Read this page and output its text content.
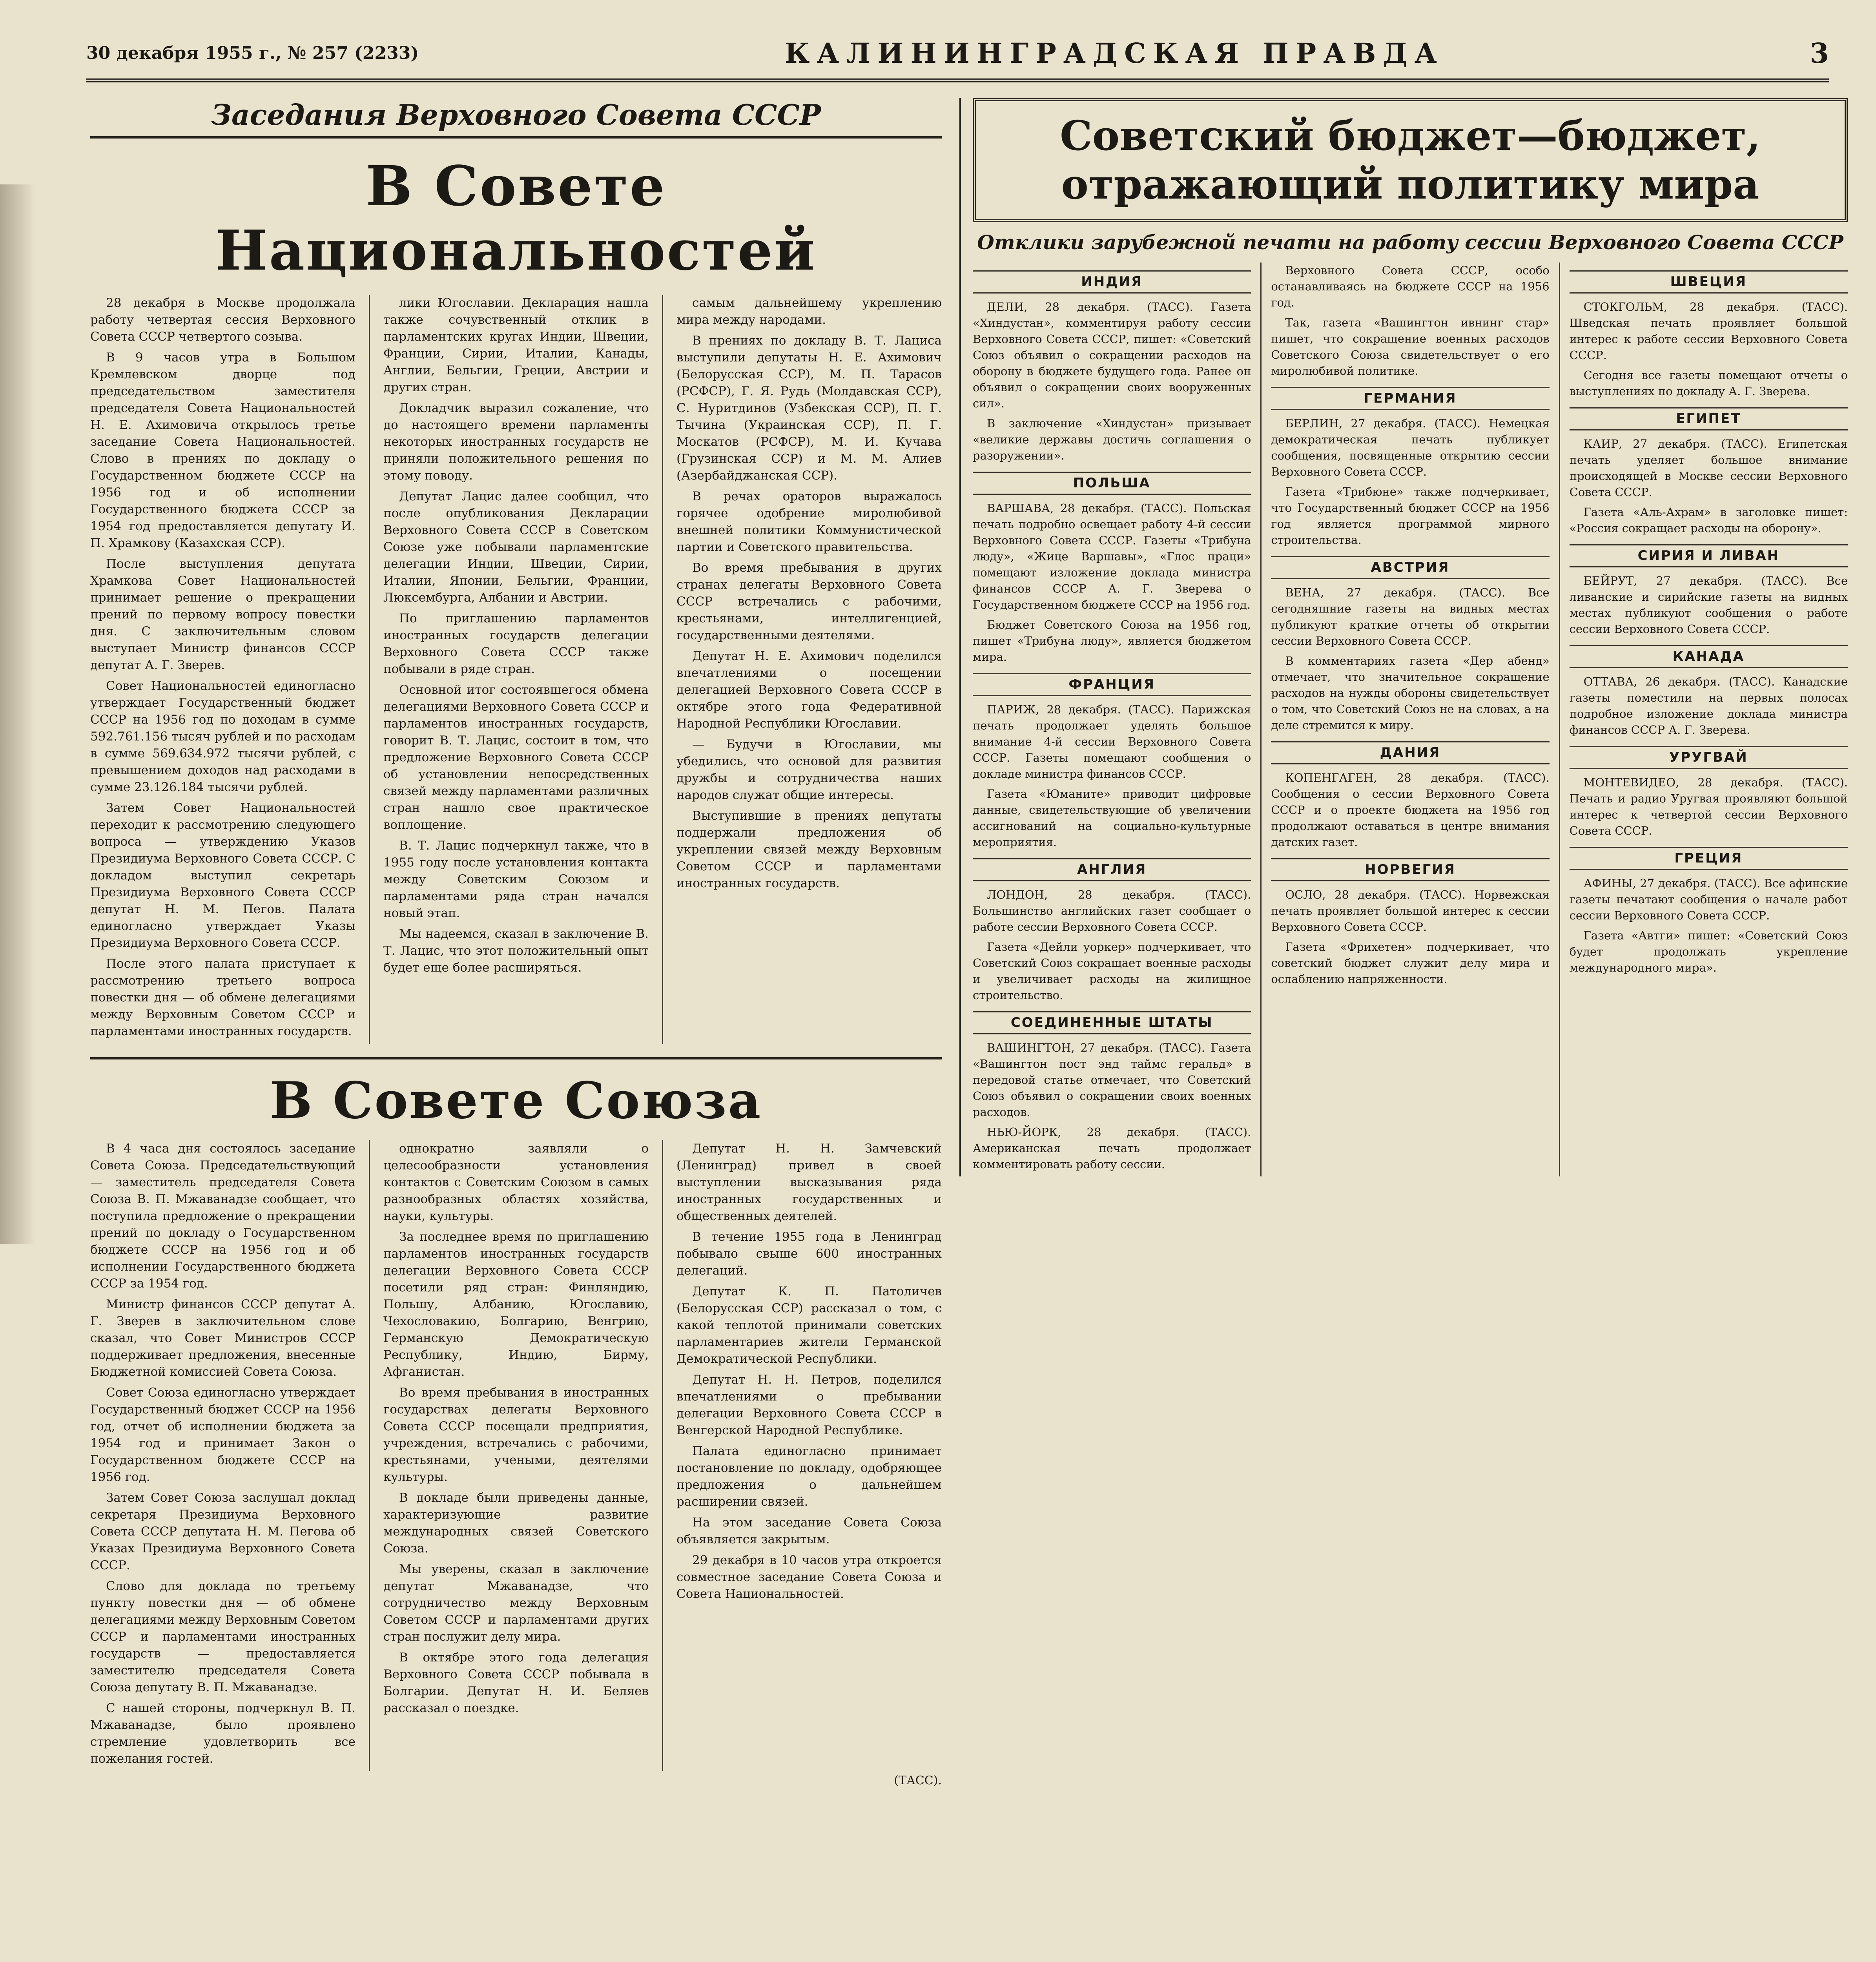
30 декабря 1955 г., № 257 (2233)	КАЛИНИНГРАДСКАЯ ПРАВДА	3
Заседания Верховного Совета СССР
В Совете Национальностей

28 декабря в Москве продолжала работу четвертая сессия Верховного Совета СССР четвертого созыва.

В 9 часов утра в Большом Кремлевском дворце под председательством заместителя председателя Совета Национальностей Н. Е. Ахимовича открылось третье заседание Совета Национальностей. Слово в прениях по докладу о Государственном бюджете СССР на 1956 год и об исполнении Государственного бюджета СССР за 1954 год предоставляется депутату И. П. Храмкову (Казахская ССР).

После выступления депутата Храмкова Совет Национальностей принимает решение о прекращении прений по первому вопросу повестки дня. С заключительным словом выступает Министр финансов СССР депутат А. Г. Зверев.

Совет Национальностей единогласно утверждает Государственный бюджет СССР на 1956 год по доходам в сумме 592.761.156 тысяч рублей и по расходам в сумме 569.634.972 тысячи рублей, с превышением доходов над расходами в сумме 23.126.184 тысячи рублей.

Затем Совет Национальностей переходит к рассмотрению следующего вопроса — утверждению Указов Президиума Верховного Совета СССР. С докладом выступил секретарь Президиума Верховного Совета СССР депутат Н. М. Пегов. Палата единогласно утверждает Указы Президиума Верховного Совета СССР.

После этого палата приступает к рассмотрению третьего вопроса повестки дня — об обмене делегациями между Верховным Советом СССР и парламентами иностранных государств.

лики Югославии. Декларация нашла также сочувственный отклик в парламентских кругах Индии, Швеции, Франции, Сирии, Италии, Канады, Англии, Бельгии, Греции, Австрии и других стран.

Докладчик выразил сожаление, что до настоящего времени парламенты некоторых иностранных государств не приняли положительного решения по этому поводу.

Депутат Лацис далее сообщил, что после опубликования Декларации Верховного Совета СССР в Советском Союзе уже побывали парламентские делегации Индии, Швеции, Сирии, Италии, Японии, Бельгии, Франции, Люксембурга, Албании и Австрии.

По приглашению парламентов иностранных государств делегации Верховного Совета СССР также побывали в ряде стран.

Основной итог состоявшегося обмена делегациями Верховного Совета СССР и парламентов иностранных государств, говорит В. Т. Лацис, состоит в том, что предложение Верховного Совета СССР об установлении непосредственных связей между парламентами различных стран нашло свое практическое воплощение.

В. Т. Лацис подчеркнул также, что в 1955 году после установления контакта между Советским Союзом и парламентами ряда стран начался новый этап.

Мы надеемся, сказал в заключение В. Т. Лацис, что этот положительный опыт будет еще более расширяться.

самым дальнейшему укреплению мира между народами.

В прениях по докладу В. Т. Лациса выступили депутаты Н. Е. Ахимович (Белорусская ССР), М. П. Тарасов (РСФСР), Г. Я. Рудь (Молдавская ССР), С. Нуритдинов (Узбекская ССР), П. Г. Тычина (Украинская ССР), П. Г. Москатов (РСФСР), М. И. Кучава (Грузинская ССР) и М. М. Алиев (Азербайджанская ССР).

В речах ораторов выражалось горячее одобрение миролюбивой внешней политики Коммунистической партии и Советского правительства.

Во время пребывания в других странах делегаты Верховного Совета СССР встречались с рабочими, крестьянами, интеллигенцией, государственными деятелями.

Депутат Н. Е. Ахимович поделился впечатлениями о посещении делегацией Верховного Совета СССР в октябре этого года Федеративной Народной Республики Югославии.

— Будучи в Югославии, мы убедились, что основой для развития дружбы и сотрудничества наших народов служат общие интересы.

Выступившие в прениях депутаты поддержали предложения об укреплении связей между Верховным Советом СССР и парламентами иностранных государств.

В Совете Союза

В 4 часа дня состоялось заседание Совета Союза. Председательствующий — заместитель председателя Совета Союза В. П. Мжаванадзе сообщает, что поступила предложение о прекращении прений по докладу о Государственном бюджете СССР на 1956 год и об исполнении Государственного бюджета СССР за 1954 год.

Министр финансов СССР депутат А. Г. Зверев в заключительном слове сказал, что Совет Министров СССР поддерживает предложения, внесенные Бюджетной комиссией Совета Союза.

Совет Союза единогласно утверждает Государственный бюджет СССР на 1956 год, отчет об исполнении бюджета за 1954 год и принимает Закон о Государственном бюджете СССР на 1956 год.

Затем Совет Союза заслушал доклад секретаря Президиума Верховного Совета СССР депутата Н. М. Пегова об Указах Президиума Верховного Совета СССР.

Слово для доклада по третьему пункту повестки дня — об обмене делегациями между Верховным Советом СССР и парламентами иностранных государств — предоставляется заместителю председателя Совета Союза депутату В. П. Мжаванадзе.

С нашей стороны, подчеркнул В. П. Мжаванадзе, было проявлено стремление удовлетворить все пожелания гостей.

однократно заявляли о целесообразности установления контактов с Советским Союзом в самых разнообразных областях хозяйства, науки, культуры.

За последнее время по приглашению парламентов иностранных государств делегации Верховного Совета СССР посетили ряд стран: Финляндию, Польшу, Албанию, Югославию, Чехословакию, Болгарию, Венгрию, Германскую Демократическую Республику, Индию, Бирму, Афганистан.

Во время пребывания в иностранных государствах делегаты Верховного Совета СССР посещали предприятия, учреждения, встречались с рабочими, крестьянами, учеными, деятелями культуры.

В докладе были приведены данные, характеризующие развитие международных связей Советского Союза.

Мы уверены, сказал в заключение депутат Мжаванадзе, что сотрудничество между Верховным Советом СССР и парламентами других стран послужит делу мира.

В октябре этого года делегация Верховного Совета СССР побывала в Болгарии. Депутат Н. И. Беляев рассказал о поездке.

Депутат Н. Н. Замчевский (Ленинград) привел в своей выступлении высказывания ряда иностранных государственных и общественных деятелей.

В течение 1955 года в Ленинград побывало свыше 600 иностранных делегаций.

Депутат К. П. Патоличев (Белорусская ССР) рассказал о том, с какой теплотой принимали советских парламентариев жители Германской Демократической Республики.

Депутат Н. Н. Петров, поделился впечатлениями о пребывании делегации Верховного Совета СССР в Венгерской Народной Республике.

Палата единогласно принимает постановление по докладу, одобряющее предложения о дальнейшем расширении связей.

На этом заседание Совета Союза объявляется закрытым.

29 декабря в 10 часов утра откроется совместное заседание Совета Союза и Совета Национальностей.

(ТАСС).
Советский бюджет—бюджет, отражающий политику мира
Отклики зарубежной печати на работу сессии Верховного Совета СССР
ИНДИЯ

ДЕЛИ, 28 декабря. (ТАСС). Газета «Хиндустан», комментируя работу сессии Верховного Совета СССР, пишет: «Советский Союз объявил о сокращении расходов на оборону в бюджете будущего года. Ранее он объявил о сокращении своих вооруженных сил».

В заключение «Хиндустан» призывает «великие державы достичь соглашения о разоружении».

ПОЛЬША

ВАРШАВА, 28 декабря. (ТАСС). Польская печать подробно освещает работу 4-й сессии Верховного Совета СССР. Газеты «Трибуна люду», «Жице Варшавы», «Глос праци» помещают изложение доклада министра финансов СССР А. Г. Зверева о Государственном бюджете СССР на 1956 год.

Бюджет Советского Союза на 1956 год, пишет «Трибуна люду», является бюджетом мира.

ФРАНЦИЯ

ПАРИЖ, 28 декабря. (ТАСС). Парижская печать продолжает уделять большое внимание 4-й сессии Верховного Совета СССР. Газеты помещают сообщения о докладе министра финансов СССР.

Газета «Юманите» приводит цифровые данные, свидетельствующие об увеличении ассигнований на социально-культурные мероприятия.

АНГЛИЯ

ЛОНДОН, 28 декабря. (ТАСС). Большинство английских газет сообщает о работе сессии Верховного Совета СССР.

Газета «Дейли уоркер» подчеркивает, что Советский Союз сокращает военные расходы и увеличивает расходы на жилищное строительство.

СОЕДИНЕННЫЕ ШТАТЫ

ВАШИНГТОН, 27 декабря. (ТАСС). Газета «Вашингтон пост энд таймс геральд» в передовой статье отмечает, что Советский Союз объявил о сокращении своих военных расходов.

НЬЮ-ЙОРК, 28 декабря. (ТАСС). Американская печать продолжает комментировать работу сессии.

Верховного Совета СССР, особо останавливаясь на бюджете СССР на 1956 год.

Так, газета «Вашингтон ивнинг стар» пишет, что сокращение военных расходов Советского Союза свидетельствует о его миролюбивой политике.

ГЕРМАНИЯ

БЕРЛИН, 27 декабря. (ТАСС). Немецкая демократическая печать публикует сообщения, посвященные открытию сессии Верховного Совета СССР.

Газета «Трибюне» также подчеркивает, что Государственный бюджет СССР на 1956 год является программой мирного строительства.

АВСТРИЯ

ВЕНА, 27 декабря. (ТАСС). Все сегодняшние газеты на видных местах публикуют краткие отчеты об открытии сессии Верховного Совета СССР.

В комментариях газета «Дер абенд» отмечает, что значительное сокращение расходов на нужды обороны свидетельствует о том, что Советский Союз не на словах, а на деле стремится к миру.

ДАНИЯ

КОПЕНГАГЕН, 28 декабря. (ТАСС). Сообщения о сессии Верховного Совета СССР и о проекте бюджета на 1956 год продолжают оставаться в центре внимания датских газет.

НОРВЕГИЯ

ОСЛО, 28 декабря. (ТАСС). Норвежская печать проявляет большой интерес к сессии Верховного Совета СССР.

Газета «Фрихетен» подчеркивает, что советский бюджет служит делу мира и ослаблению напряженности.

ШВЕЦИЯ

СТОКГОЛЬМ, 28 декабря. (ТАСС). Шведская печать проявляет большой интерес к работе сессии Верховного Совета СССР.

Сегодня все газеты помещают отчеты о выступлениях по докладу А. Г. Зверева.

ЕГИПЕТ

КАИР, 27 декабря. (ТАСС). Египетская печать уделяет большое внимание происходящей в Москве сессии Верховного Совета СССР.

Газета «Аль-Ахрам» в заголовке пишет: «Россия сокращает расходы на оборону».

СИРИЯ И ЛИВАН

БЕЙРУТ, 27 декабря. (ТАСС). Все ливанские и сирийские газеты на видных местах публикуют сообщения о работе сессии Верховного Совета СССР.

КАНАДА

ОТТАВА, 26 декабря. (ТАСС). Канадские газеты поместили на первых полосах подробное изложение доклада министра финансов СССР А. Г. Зверева.

УРУГВАЙ

МОНТЕВИДЕО, 28 декабря. (ТАСС). Печать и радио Уругвая проявляют большой интерес к четвертой сессии Верховного Совета СССР.

ГРЕЦИЯ

АФИНЫ, 27 декабря. (ТАСС). Все афинские газеты печатают сообщения о начале работ сессии Верховного Совета СССР.

Газета «Автги» пишет: «Советский Союз будет продолжать укрепление международного мира».
